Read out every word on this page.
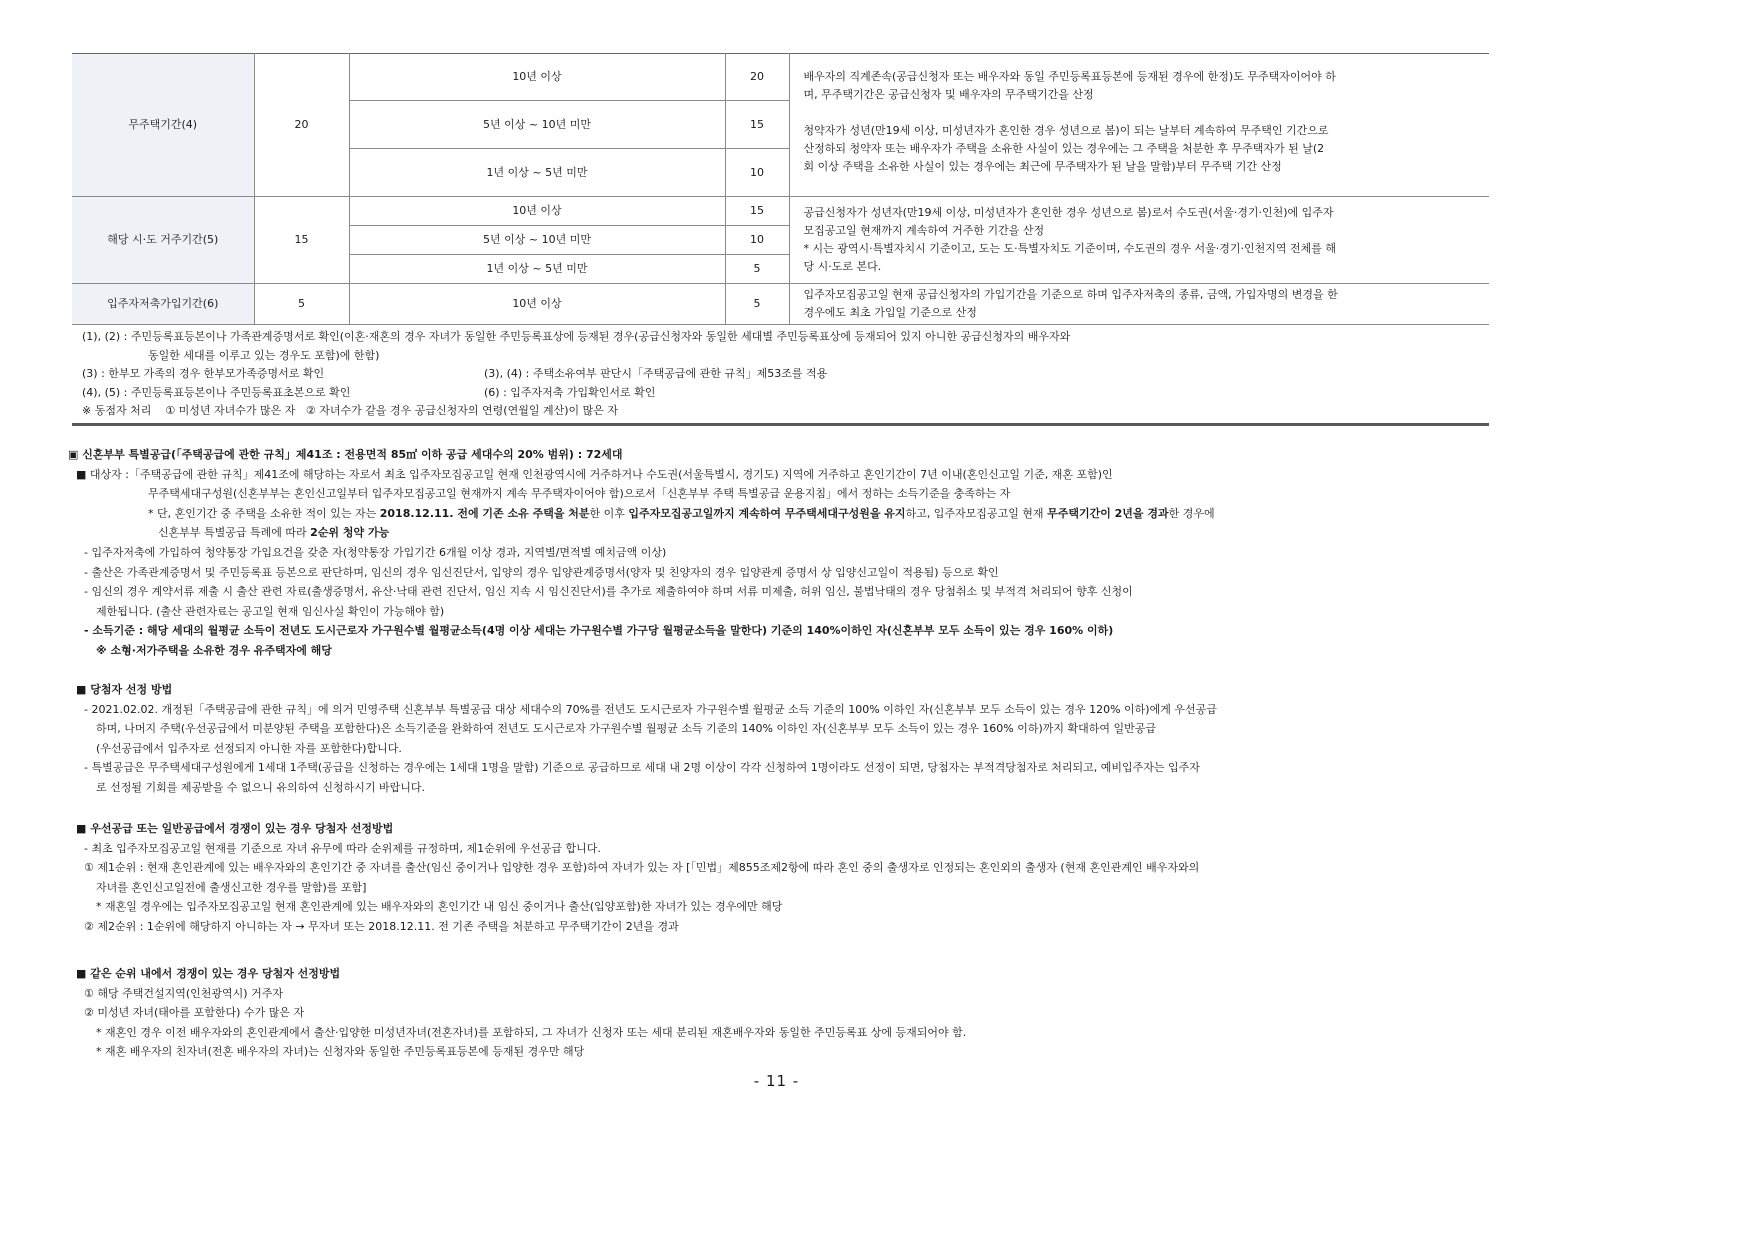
무주택기간(4)	20	10년 이상	20	배우자의 직계존속(공급신청자 또는 배우자와 동일 주민등록표등본에 등재된 경우에 한정)도 무주택자이어야 하
며, 무주택기간은 공급신청자 및 배우자의 무주택기간을 산정
청약자가 성년(만19세 이상, 미성년자가 혼인한 경우 성년으로 봄)이 되는 날부터 계속하여 무주택인 기간으로
산정하되 청약자 또는 배우자가 주택을 소유한 사실이 있는 경우에는 그 주택을 처분한 후 무주택자가 된 날(2
회 이상 주택을 소유한 사실이 있는 경우에는 최근에 무주택자가 된 날을 말함)부터 무주택 기간 산정

		5년 이상 ~ 10년 미만	15	
		1년 이상 ~ 5년 미만	10	
해당 시·도 거주기간(5)	15	10년 이상	15	공급신청자가 성년자(만19세 이상, 미성년자가 혼인한 경우 성년으로 봄)로서 수도권(서울·경기·인천)에 입주자
모집공고일 현재까지 계속하여 거주한 기간을 산정
* 시는 광역시·특별자치시 기준이고, 도는 도·특별자치도 기준이며, 수도권의 경우 서울·경기·인천지역 전체를 해
당 시·도로 본다.

		5년 이상 ~ 10년 미만	10	
		1년 이상 ~ 5년 미만	5	
입주자저축가입기간(6)	5	10년 이상	5	입주자모집공고일 현재 공급신청자의 가입기간을 기준으로 하며 입주자저축의 종류, 금액, 가입자명의 변경을 한
경우에도 최초 가입일 기준으로 산정
(1), (2) : 주민등록표등본이나 가족관계증명서로 확인(이혼·재혼의 경우 자녀가 동일한 주민등록표상에 등재된 경우(공급신청자와 동일한 세대별 주민등록표상에 등재되어 있지 아니한 공급신청자의 배우자와
동일한 세대를 이루고 있는 경우도 포함)에 한함)
(3) : 한부모 가족의 경우 한부모가족증명서로 확인	(3), (4) : 주택소유여부 판단시「주택공급에 관한 규칙」제53조를 적용
(4), (5) : 주민등록표등본이나 주민등록표초본으로 확인	(6) : 입주자저축 가입확인서로 확인
※ 동점자 처리    ① 미성년 자녀수가 많은 자   ② 자녀수가 같을 경우 공급신청자의 연령(연월일 계산)이 많은 자
▣ 신혼부부 특별공급(「주택공급에 관한 규칙」제41조 : 전용면적 85㎡ 이하 공급 세대수의 20% 범위) : 72세대
■ 대상자 :「주택공급에 관한 규칙」제41조에 해당하는 자로서 최초 입주자모집공고일 현재 인천광역시에 거주하거나 수도권(서울특별시, 경기도) 지역에 거주하고 혼인기간이 7년 이내(혼인신고일 기준, 재혼 포함)인
무주택세대구성원(신혼부부는 혼인신고일부터 입주자모집공고일 현재까지 계속 무주택자이어야 함)으로서「신혼부부 주택 특별공급 운용지침」에서 정하는 소득기준을 충족하는 자
* 단, 혼인기간 중 주택을 소유한 적이 있는 자는 2018.12.11. 전에 기존 소유 주택을 처분한 이후 입주자모집공고일까지 계속하여 무주택세대구성원을 유지하고, 입주자모집공고일 현재 무주택기간이 2년을 경과한 경우에
신혼부부 특별공급 특례에 따라 2순위 청약 가능
- 입주자저축에 가입하여 청약통장 가입요건을 갖춘 자(청약통장 가입기간 6개월 이상 경과, 지역별/면적별 예치금액 이상)
- 출산은 가족관계증명서 및 주민등록표 등본으로 판단하며, 임신의 경우 임신진단서, 입양의 경우 입양관계증명서(양자 및 친양자의 경우 입양관계 증명서 상 입양신고일이 적용됨) 등으로 확인
- 임신의 경우 계약서류 제출 시 출산 관련 자료(출생증명서, 유산·낙태 관련 진단서, 임신 지속 시 임신진단서)를 추가로 제출하여야 하며 서류 미제출, 허위 임신, 불법낙태의 경우 당첨취소 및 부적격 처리되어 향후 신청이
제한됩니다. (출산 관련자료는 공고일 현재 임신사실 확인이 가능해야 함)
- 소득기준 : 해당 세대의 월평균 소득이 전년도 도시근로자 가구원수별 월평균소득(4명 이상 세대는 가구원수별 가구당 월평균소득을 말한다) 기준의 140%이하인 자(신혼부부 모두 소득이 있는 경우 160% 이하)
※ 소형·저가주택을 소유한 경우 유주택자에 해당
■ 당첨자 선정 방법
- 2021.02.02. 개정된「주택공급에 관한 규칙」에 의거 민영주택 신혼부부 특별공급 대상 세대수의 70%를 전년도 도시근로자 가구원수별 월평균 소득 기준의 100% 이하인 자(신혼부부 모두 소득이 있는 경우 120% 이하)에게 우선공급
하며, 나머지 주택(우선공급에서 미분양된 주택을 포함한다)은 소득기준을 완화하여 전년도 도시근로자 가구원수별 월평균 소득 기준의 140% 이하인 자(신혼부부 모두 소득이 있는 경우 160% 이하)까지 확대하여 일반공급
(우선공급에서 입주자로 선정되지 아니한 자를 포함한다)합니다.
- 특별공급은 무주택세대구성원에게 1세대 1주택(공급을 신청하는 경우에는 1세대 1명을 말함) 기준으로 공급하므로 세대 내 2명 이상이 각각 신청하여 1명이라도 선정이 되면, 당첨자는 부적격당첨자로 처리되고, 예비입주자는 입주자
로 선정될 기회를 제공받을 수 없으니 유의하여 신청하시기 바랍니다.
■ 우선공급 또는 일반공급에서 경쟁이 있는 경우 당첨자 선정방법
- 최초 입주자모집공고일 현재를 기준으로 자녀 유무에 따라 순위제를 규정하며, 제1순위에 우선공급 합니다.
① 제1순위 : 현재 혼인관계에 있는 배우자와의 혼인기간 중 자녀를 출산(임신 중이거나 입양한 경우 포함)하여 자녀가 있는 자 [「민법」제855조제2항에 따라 혼인 중의 출생자로 인정되는 혼인외의 출생자 (현재 혼인관계인 배우자와의
자녀를 혼인신고일전에 출생신고한 경우를 말함)를 포함]
* 재혼일 경우에는 입주자모집공고일 현재 혼인관계에 있는 배우자와의 혼인기간 내 임신 중이거나 출산(입양포함)한 자녀가 있는 경우에만 해당
② 제2순위 : 1순위에 해당하지 아니하는 자 → 무자녀 또는 2018.12.11. 전 기존 주택을 처분하고 무주택기간이 2년을 경과
■ 같은 순위 내에서 경쟁이 있는 경우 당첨자 선정방법
① 해당 주택건설지역(인천광역시) 거주자
② 미성년 자녀(태아를 포함한다) 수가 많은 자
* 재혼인 경우 이전 배우자와의 혼인관계에서 출산·입양한 미성년자녀(전혼자녀)를 포함하되, 그 자녀가 신청자 또는 세대 분리된 재혼배우자와 동일한 주민등록표 상에 등재되어야 함.
* 재혼 배우자의 친자녀(전혼 배우자의 자녀)는 신청자와 동일한 주민등록표등본에 등재된 경우만 해당
- 11 -
